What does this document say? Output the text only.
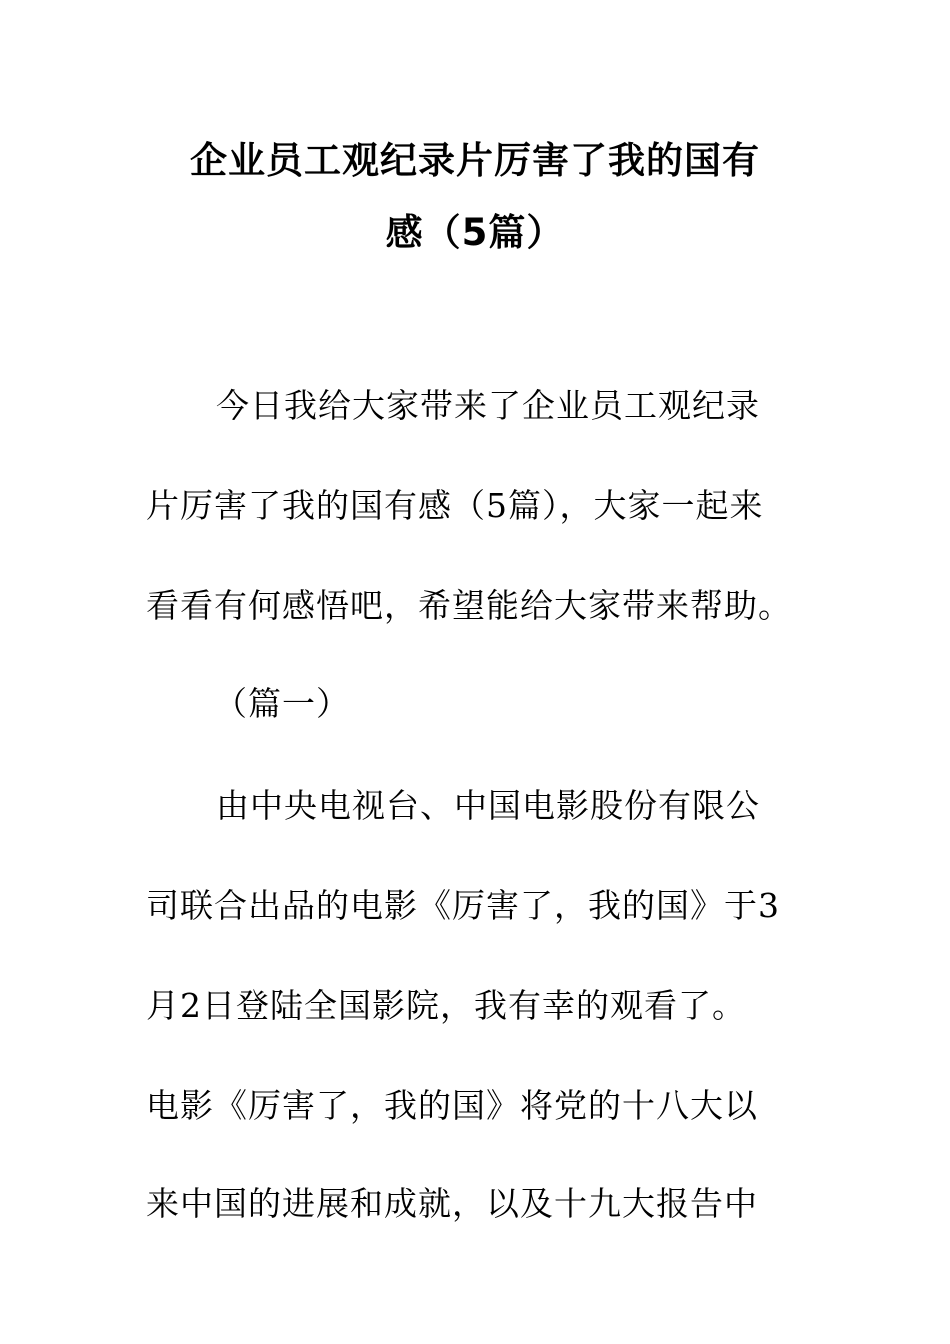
企业员工观纪录片厉害了我的国有
感（5篇）
今日我给大家带来了企业员工观纪录
片厉害了我的国有感（5篇），大家一起来
看看有何感悟吧，希望能给大家带来帮助。
（篇一）
由中央电视台、中国电影股份有限公
司联合出品的电影《厉害了，我的国》于3
月2日登陆全国影院，我有幸的观看了。
电影《厉害了，我的国》将党的十八大以
来中国的进展和成就，以及十九大报告中
